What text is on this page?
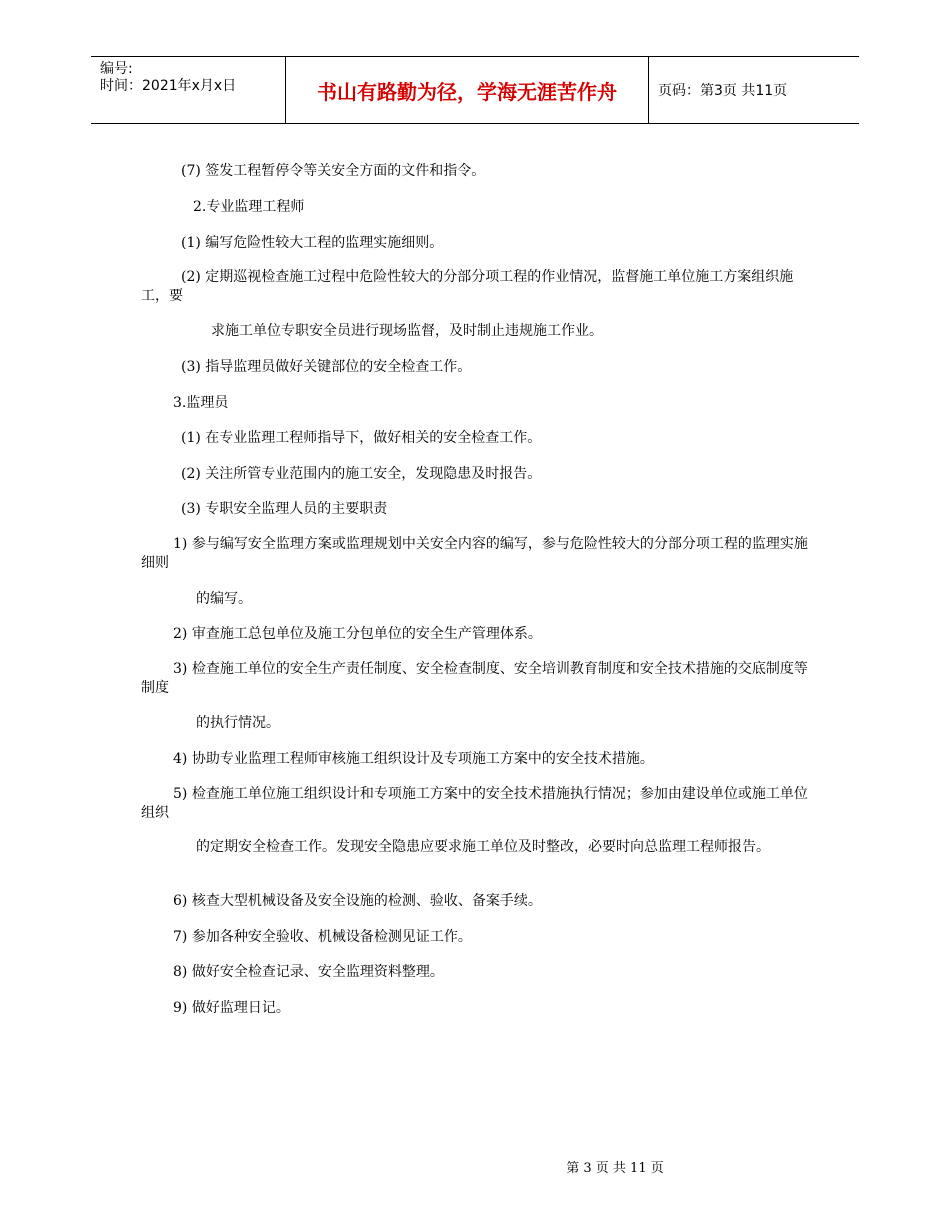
编号:
时间：2021年x月x日	书山有路勤为径，学海无涯苦作舟	页码：第3页 共11页
(7) 签发工程暂停令等关安全方面的文件和指令。
2.专业监理工程师
(1) 编写危险性较大工程的监理实施细则。
(2) 定期巡视检查施工过程中危险性较大的分部分项工程的作业情况，监督施工单位施工方案组织施工，要
求施工单位专职安全员进行现场监督，及时制止违规施工作业。
(3) 指导监理员做好关键部位的安全检查工作。
3.监理员
(1) 在专业监理工程师指导下，做好相关的安全检查工作。
(2) 关注所管专业范围内的施工安全，发现隐患及时报告。
(3) 专职安全监理人员的主要职责
1) 参与编写安全监理方案或监理规划中关安全内容的编写，参与危险性较大的分部分项工程的监理实施细则
的编写。
2) 审查施工总包单位及施工分包单位的安全生产管理体系。
3) 检查施工单位的安全生产责任制度、安全检查制度、安全培训教育制度和安全技术措施的交底制度等制度
的执行情况。
4) 协助专业监理工程师审核施工组织设计及专项施工方案中的安全技术措施。
5) 检查施工单位施工组织设计和专项施工方案中的安全技术措施执行情况；参加由建设单位或施工单位组织
的定期安全检查工作。发现安全隐患应要求施工单位及时整改，必要时向总监理工程师报告。
6) 核查大型机械设备及安全设施的检测、验收、备案手续。
7) 参加各种安全验收、机械设备检测见证工作。
8) 做好安全检查记录、安全监理资料整理。
9) 做好监理日记。
第 3 页 共 11 页
